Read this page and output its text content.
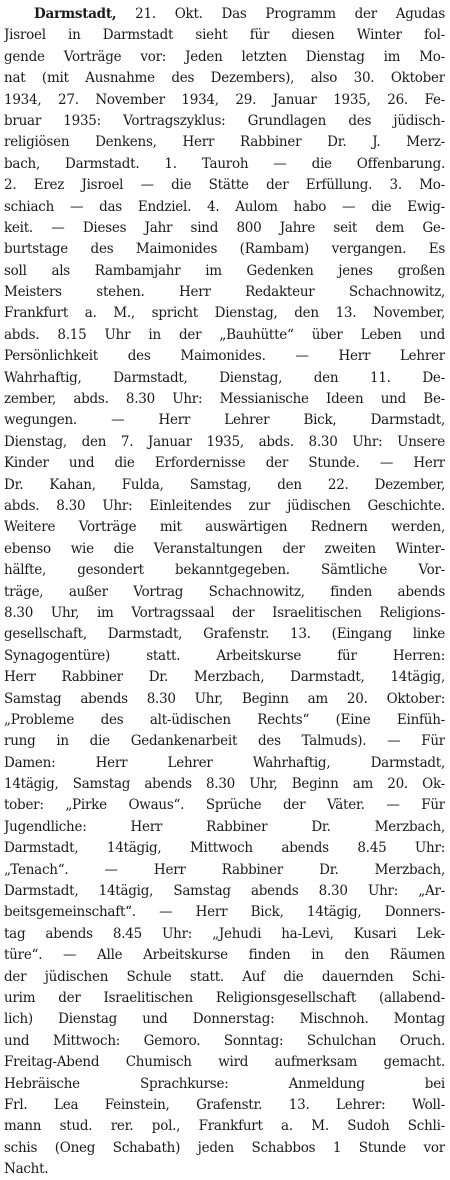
Darmstadt, 21. Okt. Das Programm der Agudas
Jisroel in Darmstadt sieht für diesen Winter fol-
gende Vorträge vor: Jeden letzten Dienstag im Mo-
nat (mit Ausnahme des Dezembers), also 30. Oktober
1934, 27. November 1934, 29. Januar 1935, 26. Fe-
bruar 1935: Vortragszyklus: Grundlagen des jüdisch-
religiösen Denkens, Herr Rabbiner Dr. J. Merz-
bach, Darmstadt. 1. Tauroh — die Offenbarung.
2. Erez Jisroel — die Stätte der Erfüllung. 3. Mo-
schiach — das Endziel. 4. Aulom habo — die Ewig-
keit. — Dieses Jahr sind 800 Jahre seit dem Ge-
burtstage des Maimonides (Rambam) vergangen. Es
soll als Rambamjahr im Gedenken jenes großen
Meisters stehen. Herr Redakteur Schachnowitz,
Frankfurt a. M., spricht Dienstag, den 13. November,
abds. 8.15 Uhr in der „Bauhütte“ über Leben und
Persönlichkeit des Maimonides. — Herr Lehrer
Wahrhaftig, Darmstadt, Dienstag, den 11. De-
zember, abds. 8.30 Uhr: Messianische Ideen und Be-
wegungen. — Herr Lehrer Bick, Darmstadt,
Dienstag, den 7. Januar 1935, abds. 8.30 Uhr: Unsere
Kinder und die Erfordernisse der Stunde. — Herr
Dr. Kahan, Fulda, Samstag, den 22. Dezember,
abds. 8.30 Uhr: Einleitendes zur jüdischen Geschichte.
Weitere Vorträge mit auswärtigen Rednern werden,
ebenso wie die Veranstaltungen der zweiten Winter-
hälfte, gesondert bekanntgegeben. Sämtliche Vor-
träge, außer Vortrag Schachnowitz, finden abends
8.30 Uhr, im Vortragssaal der Israelitischen Religions-
gesellschaft, Darmstadt, Grafenstr. 13. (Eingang linke
Synagogentüre) statt. Arbeitskurse für Herren:
Herr Rabbiner Dr. Merzbach, Darmstadt, 14tägig,
Samstag abends 8.30 Uhr, Beginn am 20. Oktober:
„Probleme des alt-üdischen Rechts“ (Eine Einfüh-
rung in die Gedankenarbeit des Talmuds). — Für
Damen: Herr Lehrer Wahrhaftig, Darmstadt,
14tägig, Samstag abends 8.30 Uhr, Beginn am 20. Ok-
tober: „Pirke Owaus“. Sprüche der Väter. — Für
Jugendliche: Herr Rabbiner Dr. Merzbach,
Darmstadt, 14tägig, Mittwoch abends 8.45 Uhr:
„Tenach“. — Herr Rabbiner Dr. Merzbach,
Darmstadt, 14tägig, Samstag abends 8.30 Uhr: „Ar-
beitsgemeinschaft“. — Herr Bick, 14tägig, Donners-
tag abends 8.45 Uhr: „Jehudi ha-Levi, Kusari Lek-
türe“. — Alle Arbeitskurse finden in den Räumen
der jüdischen Schule statt. Auf die dauernden Schi-
urim der Israelitischen Religionsgesellschaft (allabend-
lich) Dienstag und Donnerstag: Mischnoh. Montag
und Mittwoch: Gemoro. Sonntag: Schulchan Oruch.
Freitag-Abend Chumisch wird aufmerksam gemacht.
Hebräische Sprachkurse: Anmeldung bei
Frl. Lea Feinstein, Grafenstr. 13. Lehrer: Woll-
mann stud. rer. pol., Frankfurt a. M. Sudoh Schli-
schis (Oneg Schabath) jeden Schabbos 1 Stunde vor
Nacht.
